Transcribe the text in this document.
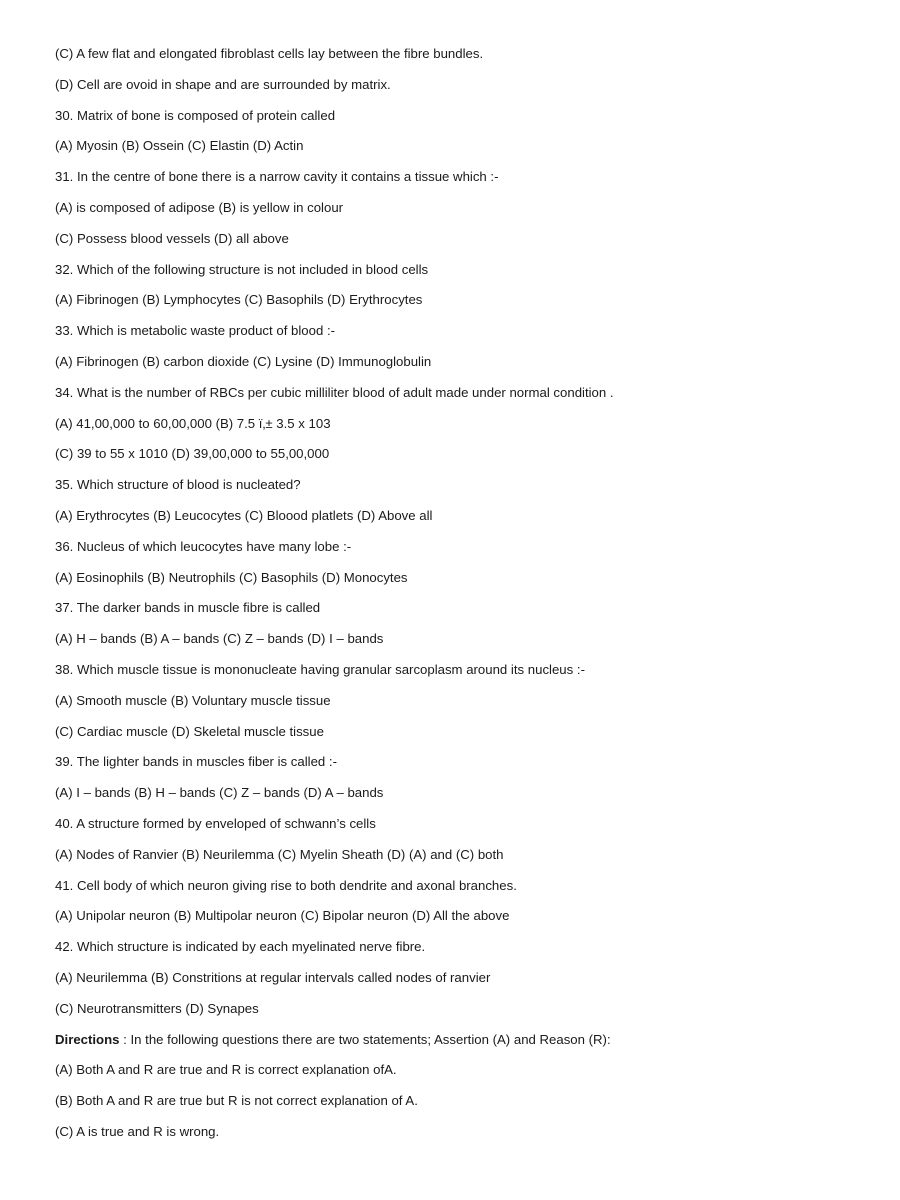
(C) A few flat and elongated fibroblast cells lay between the fibre bundles.
(D) Cell are ovoid in shape and are surrounded by matrix.
30. Matrix of bone is composed of protein called
(A) Myosin (B) Ossein (C) Elastin (D) Actin
31. In the centre of bone there is a narrow cavity it contains a tissue which :-
(A) is composed of adipose (B) is yellow in colour
(C) Possess blood vessels (D) all above
32. Which of the following structure is not included in blood cells
(A) Fibrinogen (B) Lymphocytes (C) Basophils (D) Erythrocytes
33. Which is metabolic waste product of blood :-
(A) Fibrinogen (B) carbon dioxide (C) Lysine (D) Immunoglobulin
34. What is the number of RBCs per cubic milliliter blood of adult made under normal condition .
(A) 41,00,000 to 60,00,000 (B) 7.5 ï‚± 3.5 x 103
(C) 39 to 55 x 1010 (D) 39,00,000 to 55,00,000
35. Which structure of blood is nucleated?
(A) Erythrocytes (B) Leucocytes (C) Bloood platlets (D) Above all
36. Nucleus of which leucocytes have many lobe :-
(A) Eosinophils (B) Neutrophils (C) Basophils (D) Monocytes
37. The darker bands in muscle fibre is called
(A) H – bands (B) A – bands (C) Z – bands (D) I – bands
38. Which muscle tissue is mononucleate having granular sarcoplasm around its nucleus :-
(A) Smooth muscle (B) Voluntary muscle tissue
(C) Cardiac muscle (D) Skeletal muscle tissue
39. The lighter bands in muscles fiber is called :-
(A) I – bands (B) H – bands (C) Z – bands (D) A – bands
40. A structure formed by enveloped of schwann’s cells
(A) Nodes of Ranvier (B) Neurilemma (C) Myelin Sheath (D) (A) and (C) both
41. Cell body of which neuron giving rise to both dendrite and axonal branches.
(A) Unipolar neuron (B) Multipolar neuron (C) Bipolar neuron (D) All the above
42. Which structure is indicated by each myelinated nerve fibre.
(A) Neurilemma (B) Constritions at regular intervals called nodes of ranvier
(C) Neurotransmitters (D) Synapes
Directions : In the following questions there are two statements; Assertion (A) and Reason (R):
(A) Both A and R are true and R is correct explanation ofA.
(B) Both A and R are true but R is not correct explanation of A.
(C) A is true and R is wrong.
